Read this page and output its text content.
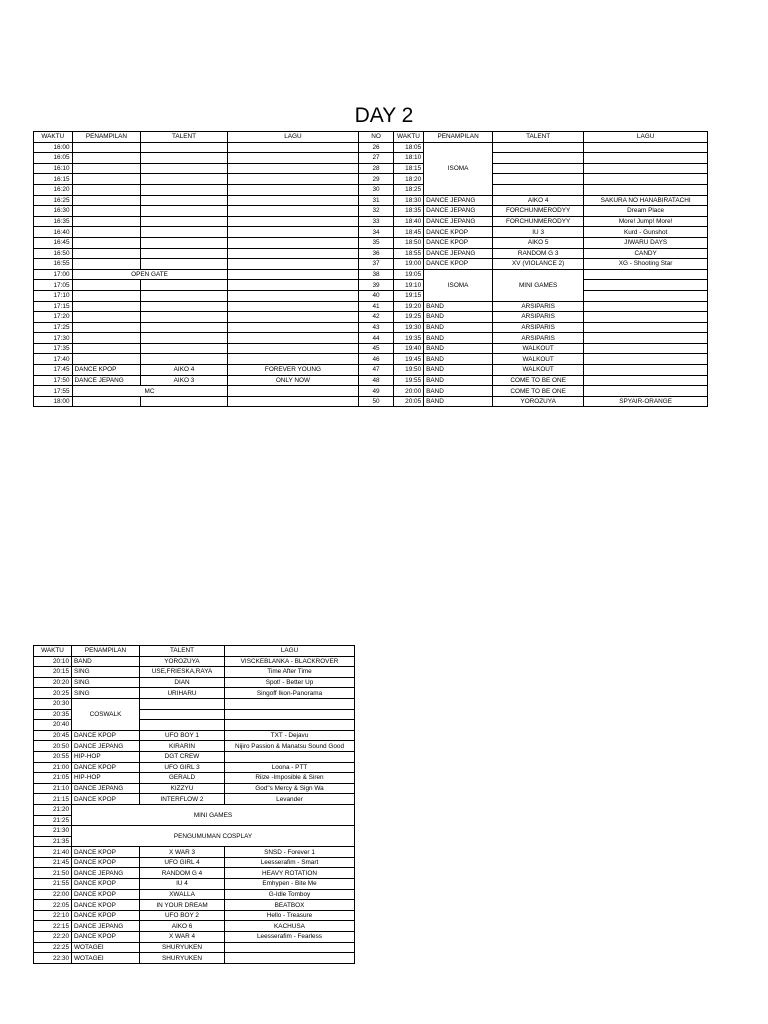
DAY 2
WAKTU	PENAMPILAN	TALENT	LAGU	NO	WAKTU	PENAMPILAN	TALENT	LAGU
16:00				26	18:05	ISOMA		
16:05				27	18:10			
16:10				28	18:15			
16:15				29	18:20			
16:20				30	18:25			
16:25				31	18:30	DANCE JEPANG	AIKO 4	SAKURA NO HANABIRATACHI
16:30				32	18:35	DANCE JEPANG	FORCHUNMERODYY	Dream Place
16:35				33	18:40	DANCE JEPANG	FORCHUNMERODYY	More! Jump! More!
16:40				34	18:45	DANCE KPOP	IU 3	Kurd - Gunshot
16:45				35	18:50	DANCE KPOP	AIKO 5	JIWARU DAYS
16:50				36	18:55	DANCE JEPANG	RANDOM G 3	CANDY
16:55				37	19:00	DANCE KPOP	XV (VIOLANCE 2)	XG - Shooting Star
17:00	OPEN GATE			38	19:05	ISOMA	MINI GAMES	
17:05				39	19:10			
17:10				40	19:15			
17:15				41	19:20	BAND	ARSIPARIS	
17:20				42	19:25	BAND	ARSIPARIS	
17:25				43	19:30	BAND	ARSIPARIS	
17:30				44	19:35	BAND	ARSIPARIS	
17:35				45	19:40	BAND	WALKOUT	
17:40				46	19:45	BAND	WALKOUT	
17:45	DANCE KPOP	AIKO 4	FOREVER YOUNG	47	19:50	BAND	WALKOUT	
17:50	DANCE JEPANG	AIKO 3	ONLY NOW	48	19:55	BAND	COME TO BE ONE	
17:55	MC			49	20:00	BAND	COME TO BE ONE	
18:00				50	20:05	BAND	YOROZUYA	SPYAIR-ORANGE
WAKTU	PENAMPILAN	TALENT	LAGU
20:10	BAND	YOROZUYA	VISCKEBLANKA - BLACKROVER
20:15	SING	USE,FRIESKA,RAYA	Time After Time
20:20	SING	DIAN	Spot! - Better Up
20:25	SING	URIHARU	Singoff Ikon-Panorama
20:30	COSWALK		
20:35			
20:40			
20:45	DANCE KPOP	UFO BOY 1	TXT - Dejavu
20:50	DANCE JEPANG	KIRARIN	Nijiro Passion & Manatsu Sound Good
20:55	HIP-HOP	DGT CREW	
21:00	DANCE KPOP	UFO GIRL 3	Loona - PTT
21:05	HIP-HOP	GERALD	Riize -Imposible & Siren
21:10	DANCE JEPANG	KIZZYU	God"s Mercy & Sign Wa
21:15	DANCE KPOP	INTERFLOW 2	Levander
21:20	MINI GAMES		
21:25			
21:30	PENGUMUMAN COSPLAY		
21:35			
21:40	DANCE KPOP	X WAR 3	SNSD - Forever 1
21:45	DANCE KPOP	UFO GIRL 4	Leesserafim - Smart
21:50	DANCE JEPANG	RANDOM G 4	HEAVY ROTATION
21:55	DANCE KPOP	IU 4	Emhypen - Bite Me
22:00	DANCE KPOP	XWALLA	G-Idle Tomboy
22:05	DANCE KPOP	IN YOUR DREAM	BEATBOX
22:10	DANCE KPOP	UFO BOY 2	Hello - Treasure
22:15	DANCE JEPANG	AIKO 6	KACHUSA
22:20	DANCE KPOP	X WAR 4	Leesserafim - Fearless
22:25	WOTAGEI	SHURYUKEN	
22:30	WOTAGEI	SHURYUKEN	
